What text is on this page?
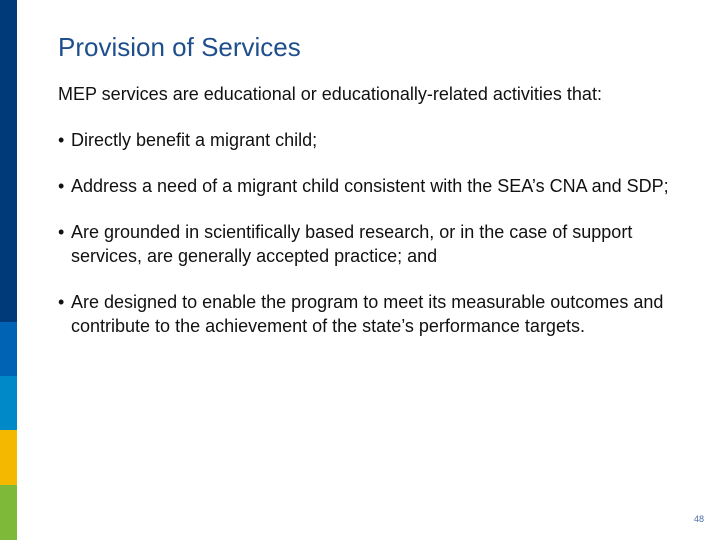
Provision of Services
MEP services are educational or educationally-related activities that:
• Directly benefit a migrant child;
• Address a need of a migrant child consistent with the SEA’s CNA and SDP;
• Are grounded in scientifically based research, or in the case of support services, are generally accepted practice; and
• Are designed to enable the program to meet its measurable outcomes and contribute to the achievement of the state’s performance targets.
48
